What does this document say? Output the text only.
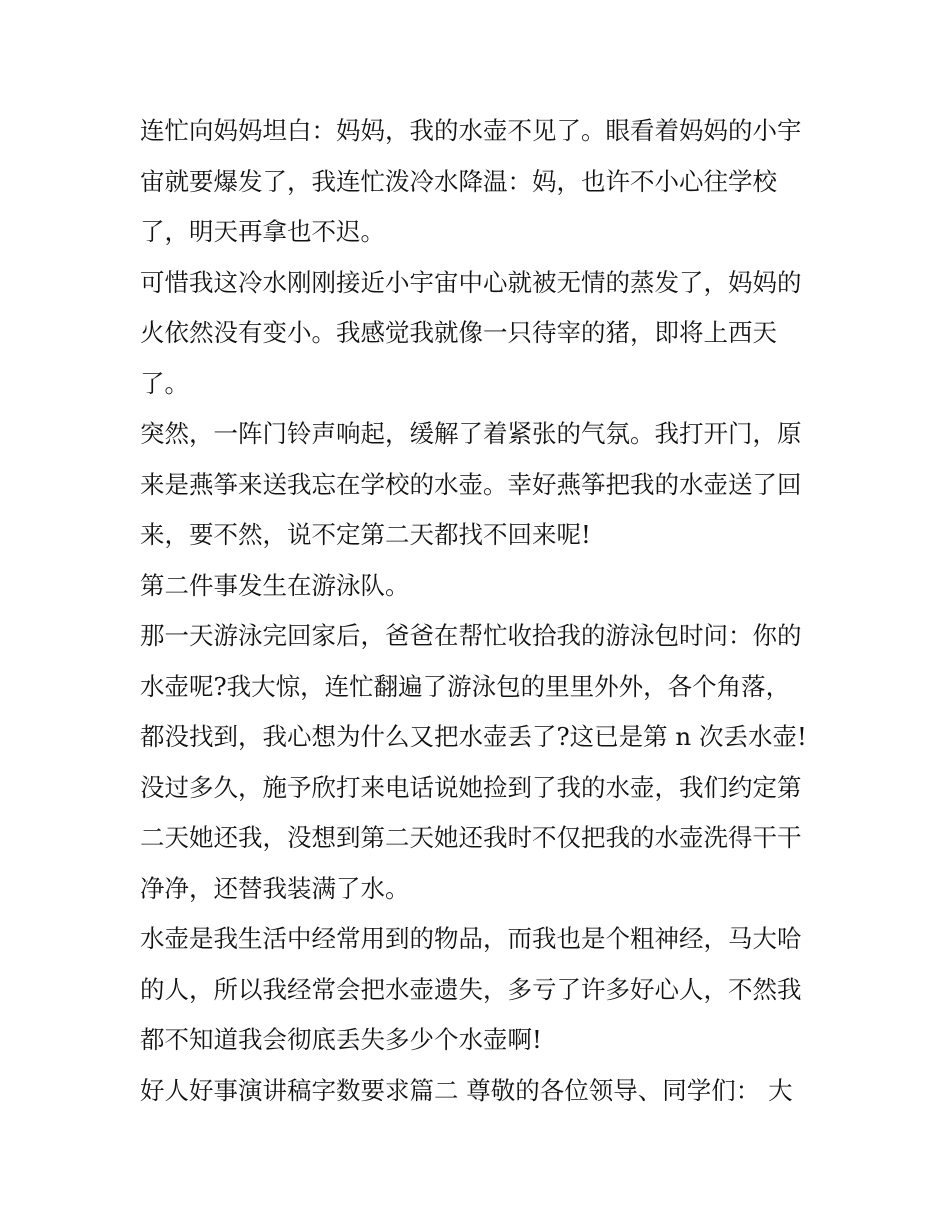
连忙向妈妈坦白：妈妈，我的水壶不见了。眼看着妈妈的小宇
宙就要爆发了，我连忙泼冷水降温：妈，也许不小心往学校
了，明天再拿也不迟。
可惜我这冷水刚刚接近小宇宙中心就被无情的蒸发了，妈妈的
火依然没有变小。我感觉我就像一只待宰的猪，即将上西天
了。
突然，一阵门铃声响起，缓解了着紧张的气氛。我打开门，原
来是燕筝来送我忘在学校的水壶。幸好燕筝把我的水壶送了回
来，要不然，说不定第二天都找不回来呢!
第二件事发生在游泳队。
那一天游泳完回家后，爸爸在帮忙收拾我的游泳包时问：你的
水壶呢?我大惊，连忙翻遍了游泳包的里里外外，各个角落，
都没找到，我心想为什么又把水壶丢了?这已是第 n 次丢水壶!
没过多久，施予欣打来电话说她捡到了我的水壶，我们约定第
二天她还我，没想到第二天她还我时不仅把我的水壶洗得干干
净净，还替我装满了水。
水壶是我生活中经常用到的物品，而我也是个粗神经，马大哈
的人，所以我经常会把水壶遗失，多亏了许多好心人，不然我
都不知道我会彻底丢失多少个水壶啊!
好人好事演讲稿字数要求篇二 尊敬的各位领导、同学们： 大
